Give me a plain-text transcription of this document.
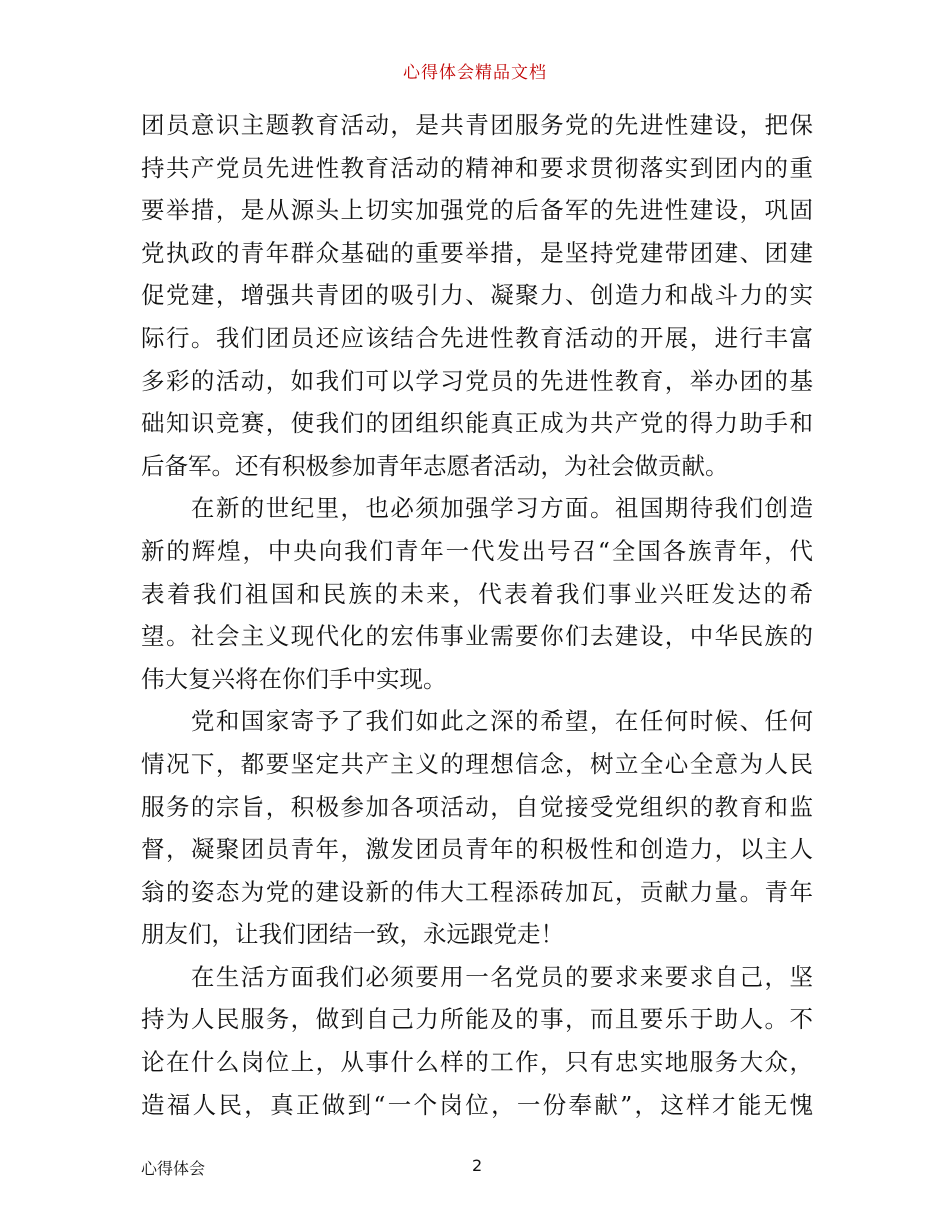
心得体会精品文档
团员意识主题教育活动，是共青团服务党的先进性建设，把保
持共产党员先进性教育活动的精神和要求贯彻落实到团内的重
要举措，是从源头上切实加强党的后备军的先进性建设，巩固
党执政的青年群众基础的重要举措，是坚持党建带团建、团建
促党建，增强共青团的吸引力、凝聚力、创造力和战斗力的实
际行。我们团员还应该结合先进性教育活动的开展，进行丰富
多彩的活动，如我们可以学习党员的先进性教育，举办团的基
础知识竞赛，使我们的团组织能真正成为共产党的得力助手和
后备军。还有积极参加青年志愿者活动，为社会做贡献。
　　在新的世纪里，也必须加强学习方面。祖国期待我们创造
新的辉煌，中央向我们青年一代发出号召“全国各族青年，代
表着我们祖国和民族的未来，代表着我们事业兴旺发达的希
望。社会主义现代化的宏伟事业需要你们去建设，中华民族的
伟大复兴将在你们手中实现。
　　党和国家寄予了我们如此之深的希望，在任何时候、任何
情况下，都要坚定共产主义的理想信念，树立全心全意为人民
服务的宗旨，积极参加各项活动，自觉接受党组织的教育和监
督，凝聚团员青年，激发团员青年的积极性和创造力，以主人
翁的姿态为党的建设新的伟大工程添砖加瓦，贡献力量。青年
朋友们，让我们团结一致，永远跟党走！
　　在生活方面我们必须要用一名党员的要求来要求自己，坚
持为人民服务，做到自己力所能及的事，而且要乐于助人。不
论在什么岗位上，从事什么样的工作，只有忠实地服务大众，
造福人民，真正做到“一个岗位，一份奉献”，这样才能无愧
心得体会	2
